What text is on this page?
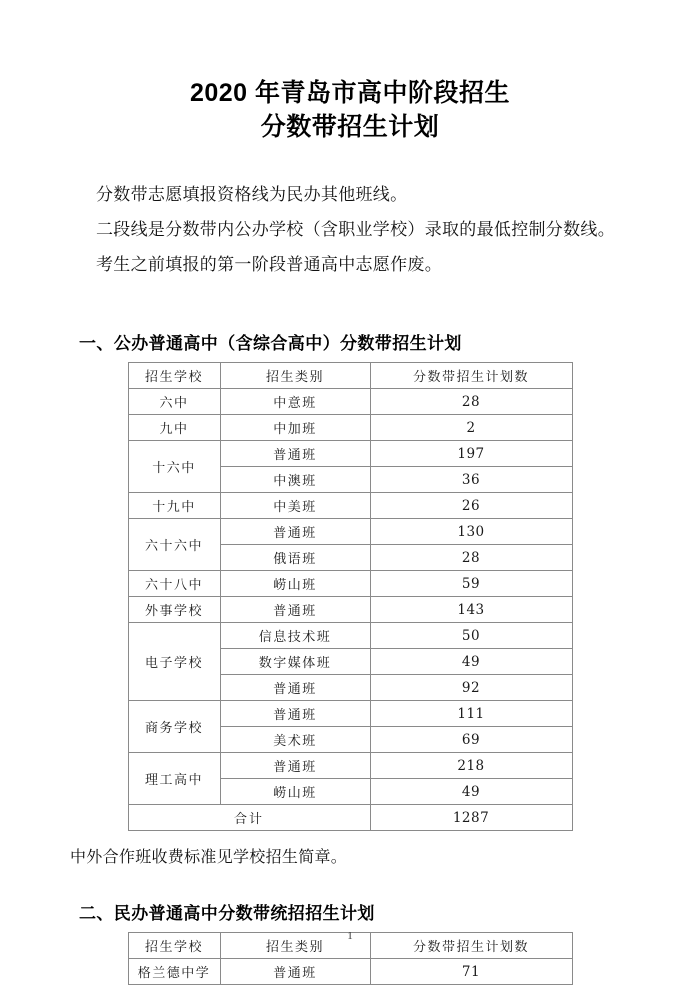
2020 年青岛市高中阶段招生
分数带招生计划

分数带志愿填报资格线为民办其他班线。

二段线是分数带内公办学校（含职业学校）录取的最低控制分数线。

考生之前填报的第一阶段普通高中志愿作废。

一、公办普通高中（含综合高中）分数带招生计划
招生学校	招生类别	分数带招生计划数
六中	中意班	28
九中	中加班	2
十六中	普通班	197
	中澳班	36
十九中	中美班	26
六十六中	普通班	130
	俄语班	28
六十八中	崂山班	59
外事学校	普通班	143
电子学校	信息技术班	50
	数字媒体班	49
	普通班	92
商务学校	普通班	111
	美术班	69
理工高中	普通班	218
	崂山班	49
合计		1287

中外合作班收费标准见学校招生简章。

二、民办普通高中分数带统招招生计划
招生学校	招生类别	分数带招生计划数
格兰德中学	普通班	71
1
